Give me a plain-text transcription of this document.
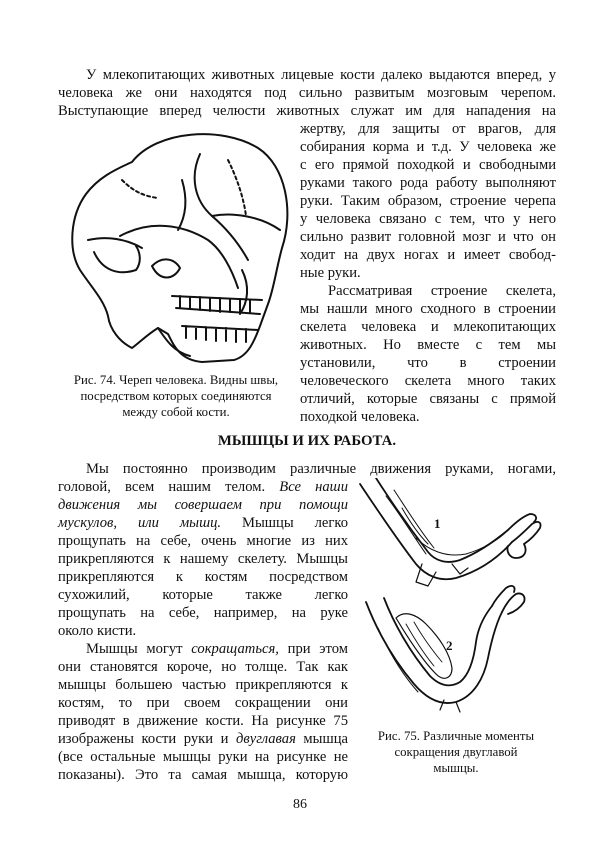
У млекопитающих животных лицевые кости далеко выдаются вперед, у

человека же они находятся под сильно развитым мозговым черепом.

Выступающие вперед челюсти животных служат им для нападения на

жертву, для защиты от врагов, для

собирания корма и т.д. У человека же

с его прямой походкой и свободными

руками такого рода работу выполняют

руки. Таким образом, строение черепа

у человека связано с тем, что у него

сильно развит головной мозг и что он

ходит на двух ногах и имеет свобод-

ные руки.

Рассматривая строение скелета,

мы нашли много сходного в строении

скелета человека и млекопитающих

животных. Но вместе с тем мы

установили, что в строении

человеческого скелета много таких

отличий, которые связаны с прямой

походкой человека.

Рис. 74. Череп человека. Видны швы,

посредством которых соединяются

между собой кости.

МЫШЦЫ И ИХ РАБОТА.

Мы постоянно производим различные движения руками, ногами,

головой, всем нашим телом. Все наши

движения мы совершаем при помощи

мускулов, или мышц. Мышцы легко

прощупать на себе, очень многие из них

прикрепляются к нашему скелету. Мышцы

прикрепляются к костям посредством

сухожилий, которые также легко

прощупать на себе, например, на руке

около кисти.

Мышцы могут сокращаться, при этом

они становятся короче, но толще. Так как

мышцы большею частью прикрепляются к

костям, то при своем сокращении они

приводят в движение кости. На рисунке 75

изображены кости руки и двуглавая мышца

(все остальные мышцы руки на рисунке не

показаны). Это та самая мышца, которую

1
2

Рис. 75. Различные моменты

сокращения двуглавой

мышцы.

86
